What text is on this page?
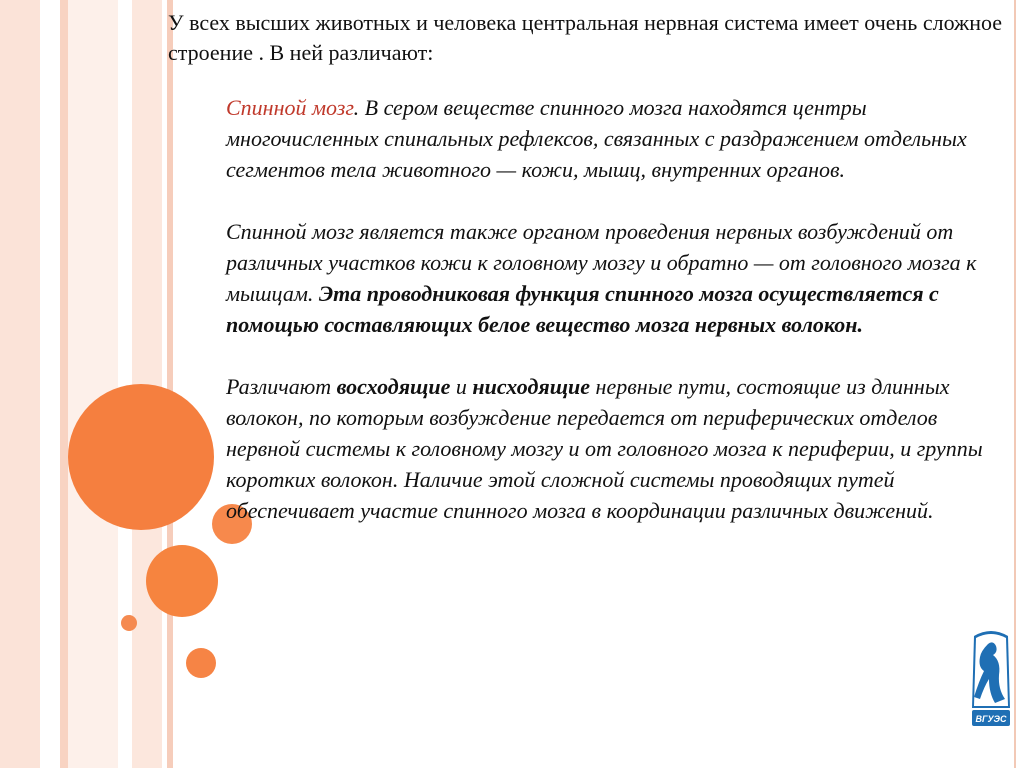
У всех высших животных и человека центральная нервная система имеет очень сложное строение . В ней различают:

Спинной мозг. В сером веществе спинного мозга находятся центры многочисленных спинальных рефлексов, связанных с раздражением отдельных сегментов тела животного — кожи, мышц, внутренних органов.

Спинной мозг является также органом проведения нервных возбуждений от различных участков кожи к головному мозгу и обратно — от головного мозга к мышцам. Эта проводниковая функция спинного мозга осуществляется с помощью составляющих белое вещество мозга нервных волокон.

Различают восходящие и нисходящие нервные пути, состоящие из длинных волокон, по которым возбуждение передается от периферических отделов нервной системы к головному мозгу и от головного мозга к периферии, и группы коротких волокон. Наличие этой сложной системы проводящих путей обеспечивает участие спинного мозга в координации различных движений.

ВГУЭС
